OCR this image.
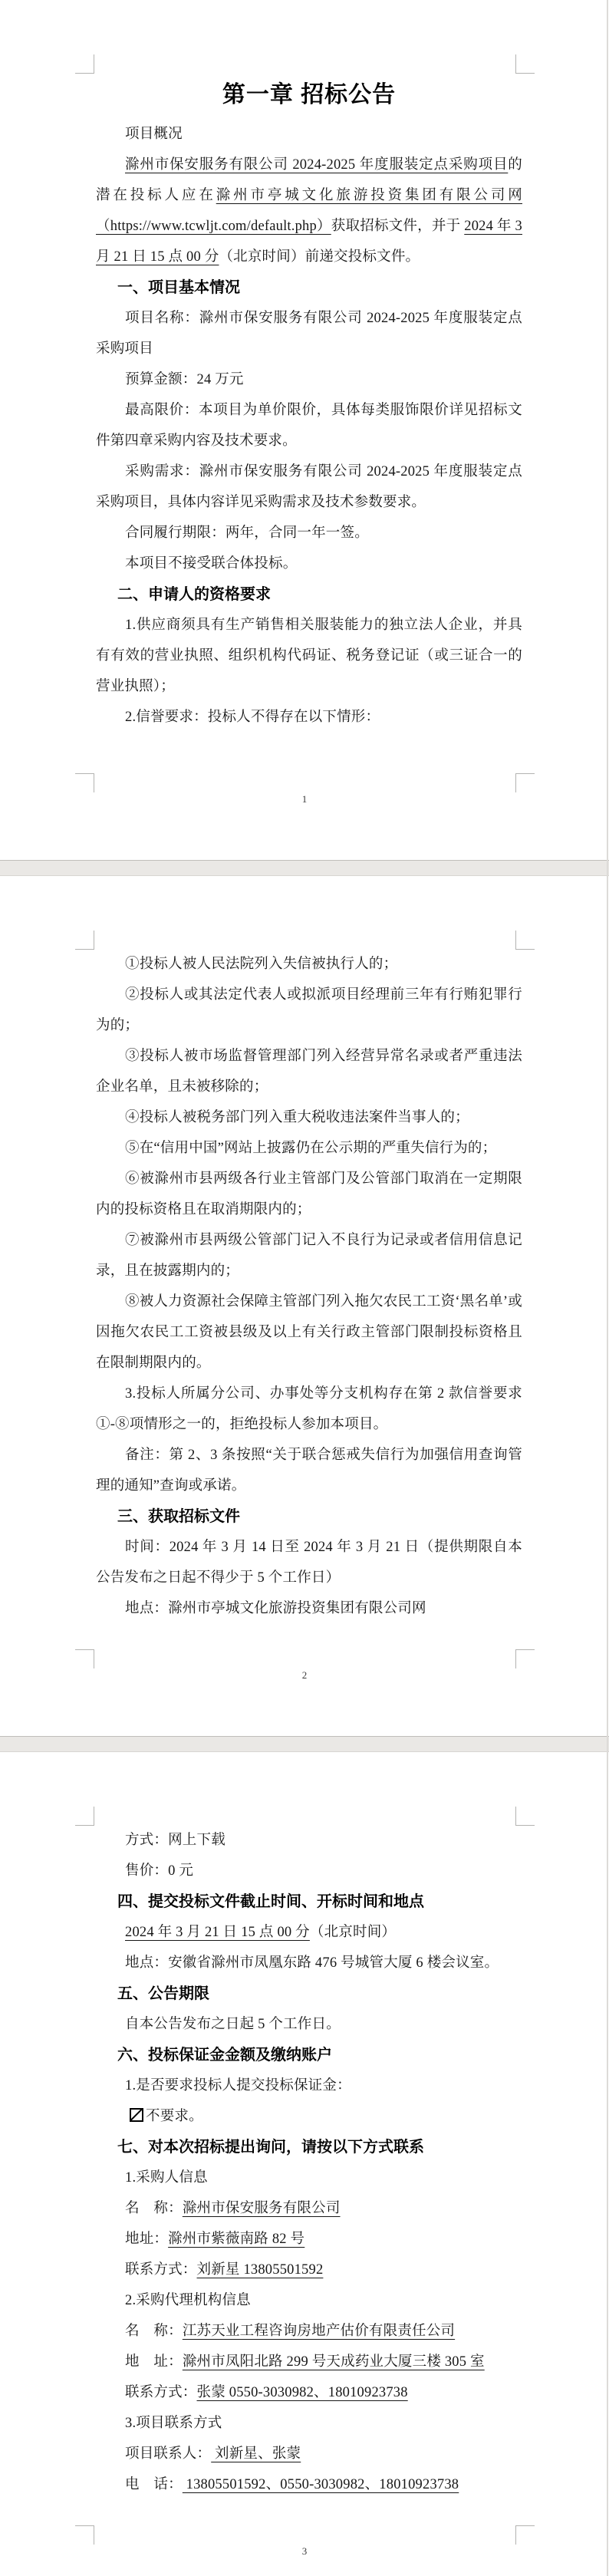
第一章 招标公告
项目概况
滁州市保安服务有限公司 2024-2025 年度服装定点采购项目的潜在投标人应在滁州市亭城文化旅游投资集团有限公司网（https://www.tcwljt.com/default.php）获取招标文件，并于 2024 年 3 月 21 日 15 点 00 分（北京时间）前递交投标文件。
一、项目基本情况
项目名称：滁州市保安服务有限公司 2024-2025 年度服装定点采购项目
预算金额：24 万元
最高限价：本项目为单价限价，具体每类服饰限价详见招标文件第四章采购内容及技术要求。
采购需求：滁州市保安服务有限公司 2024-2025 年度服装定点采购项目，具体内容详见采购需求及技术参数要求。
合同履行期限：两年，合同一年一签。
本项目不接受联合体投标。
二、申请人的资格要求
1.供应商须具有生产销售相关服装能力的独立法人企业，并具有有效的营业执照、组织机构代码证、税务登记证（或三证合一的营业执照）；
2.信誉要求：投标人不得存在以下情形：
1
①投标人被人民法院列入失信被执行人的；
②投标人或其法定代表人或拟派项目经理前三年有行贿犯罪行为的；
③投标人被市场监督管理部门列入经营异常名录或者严重违法企业名单，且未被移除的；
④投标人被税务部门列入重大税收违法案件当事人的；
⑤在“信用中国”网站上披露仍在公示期的严重失信行为的；
⑥被滁州市县两级各行业主管部门及公管部门取消在一定期限内的投标资格且在取消期限内的；
⑦被滁州市县两级公管部门记入不良行为记录或者信用信息记录，且在披露期内的；
⑧被人力资源社会保障主管部门列入拖欠农民工工资‘黑名单’或因拖欠农民工工资被县级及以上有关行政主管部门限制投标资格且在限制期限内的。
3.投标人所属分公司、办事处等分支机构存在第 2 款信誉要求①-⑧项情形之一的，拒绝投标人参加本项目。
备注：第 2、3 条按照“关于联合惩戒失信行为加强信用查询管理的通知”查询或承诺。
三、获取招标文件
时间：2024 年 3 月 14 日至 2024 年 3 月 21 日（提供期限自本公告发布之日起不得少于 5 个工作日）
地点：滁州市亭城文化旅游投资集团有限公司网
2
方式：网上下载
售价：0 元
四、提交投标文件截止时间、开标时间和地点
2024 年 3 月 21 日 15 点 00 分（北京时间）
地点：安徽省滁州市凤凰东路 476 号城管大厦 6 楼会议室。
五、公告期限
自本公告发布之日起 5 个工作日。
六、投标保证金金额及缴纳账户
1.是否要求投标人提交投标保证金：
不要求。
七、对本次招标提出询问，请按以下方式联系
1.采购人信息
名　称：滁州市保安服务有限公司
地址：滁州市紫薇南路 82 号
联系方式：刘新星 13805501592
2.采购代理机构信息
名　称：江苏天业工程咨询房地产估价有限责任公司
地　址：滁州市凤阳北路 299 号天成药业大厦三楼 305 室
联系方式：张蒙 0550-3030982、18010923738
3.项目联系方式
项目联系人： 刘新星、张蒙
电　话： 13805501592、0550-3030982、18010923738
3
